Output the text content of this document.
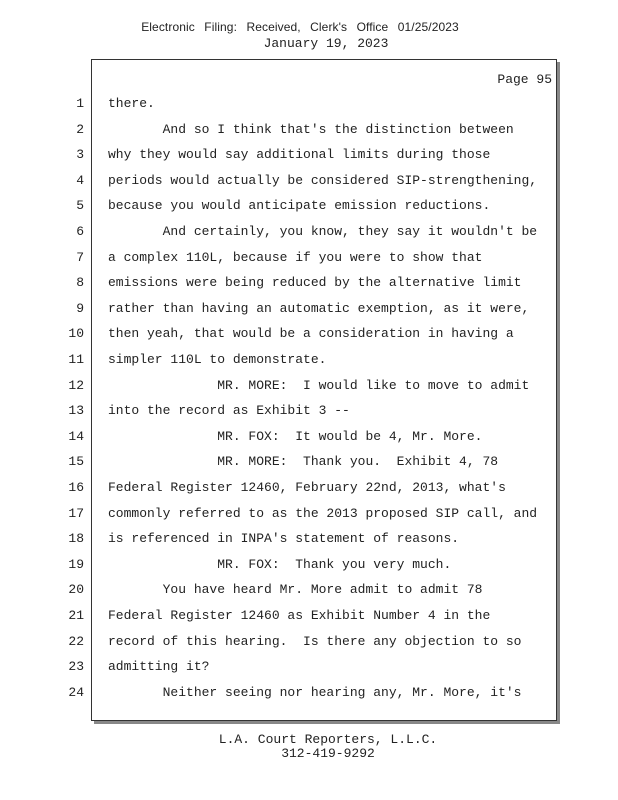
Electronic Filing: Received, Clerk's Office 01/25/2023
January 19, 2023
Page 95
1 there.
2 And so I think that's the distinction between
3 why they would say additional limits during those
4 periods would actually be considered SIP-strengthening,
5 because you would anticipate emission reductions.
6 And certainly, you know, they say it wouldn't be
7 a complex 110L, because if you were to show that
8 emissions were being reduced by the alternative limit
9 rather than having an automatic exemption, as it were,
10 then yeah, that would be a consideration in having a
11 simpler 110L to demonstrate.
12 MR. MORE:  I would like to move to admit
13 into the record as Exhibit 3 --
14 MR. FOX:  It would be 4, Mr. More.
15 MR. MORE:  Thank you.  Exhibit 4, 78
16 Federal Register 12460, February 22nd, 2013, what's
17 commonly referred to as the 2013 proposed SIP call, and
18 is referenced in INPA's statement of reasons.
19 MR. FOX:  Thank you very much.
20 You have heard Mr. More admit to admit 78
21 Federal Register 12460 as Exhibit Number 4 in the
22 record of this hearing.  Is there any objection to so
23 admitting it?
24 Neither seeing nor hearing any, Mr. More, it's
L.A. Court Reporters, L.L.C.
312-419-9292
